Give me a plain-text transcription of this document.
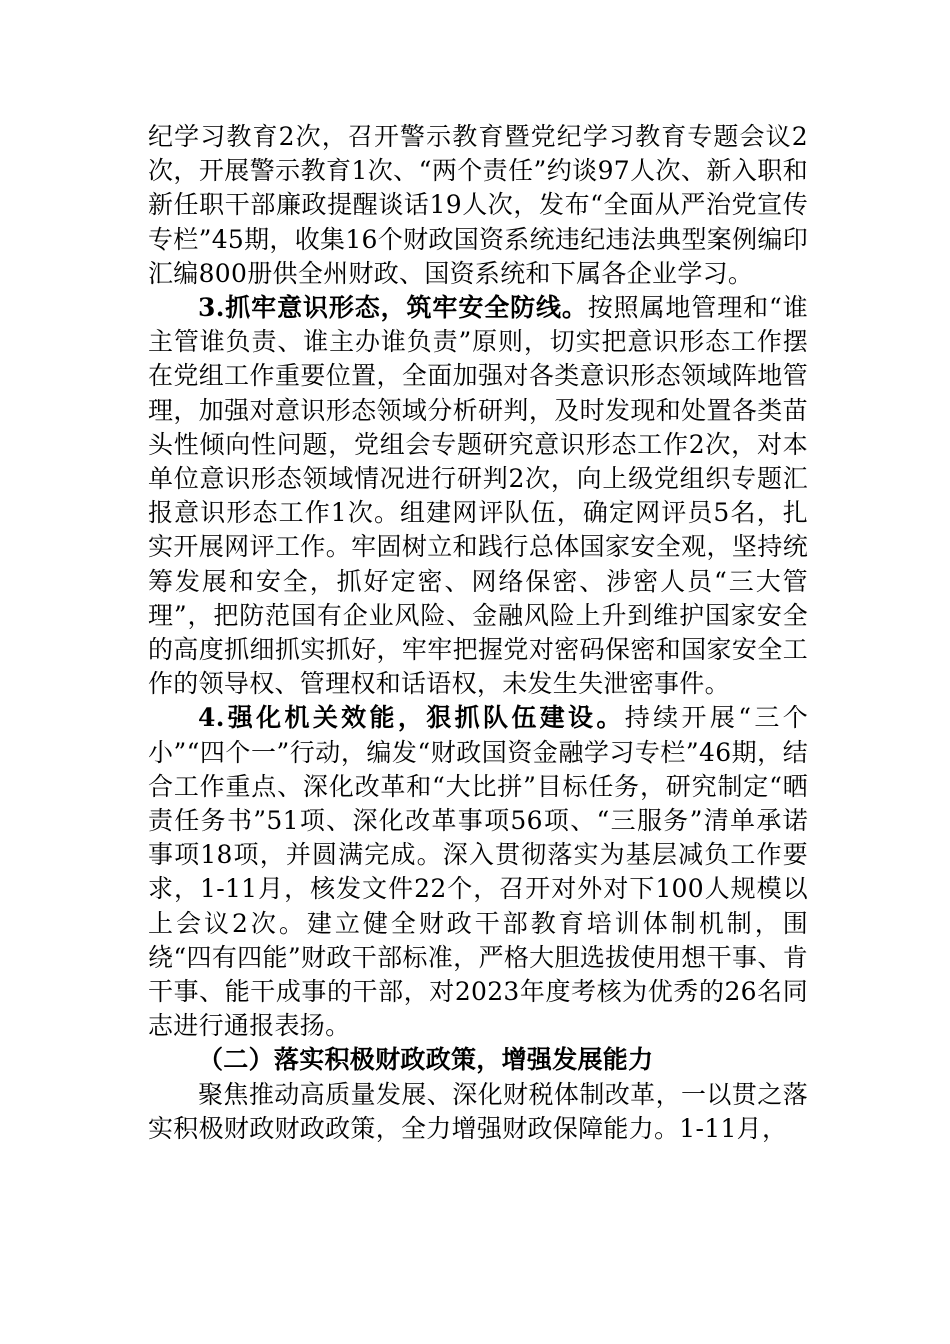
纪学习教育2次，召开警示教育暨党纪学习教育专题会议2次，开展警示教育1次、“两个责任”约谈97人次、新入职和新任职干部廉政提醒谈话19人次，发布“全面从严治党宣传专栏”45期，收集16个财政国资系统违纪违法典型案例编印汇编800册供全州财政、国资系统和下属各企业学习。

3.抓牢意识形态，筑牢安全防线。按照属地管理和“谁主管谁负责、谁主办谁负责”原则，切实把意识形态工作摆在党组工作重要位置，全面加强对各类意识形态领域阵地管理，加强对意识形态领域分析研判，及时发现和处置各类苗头性倾向性问题，党组会专题研究意识形态工作2次，对本单位意识形态领域情况进行研判2次，向上级党组织专题汇报意识形态工作1次。组建网评队伍，确定网评员5名，扎实开展网评工作。牢固树立和践行总体国家安全观，坚持统筹发展和安全，抓好定密、网络保密、涉密人员“三大管理”，把防范国有企业风险、金融风险上升到维护国家安全的高度抓细抓实抓好，牢牢把握党对密码保密和国家安全工作的领导权、管理权和话语权，未发生失泄密事件。

4.强化机关效能，狠抓队伍建设。持续开展“三个小”“四个一”行动，编发“财政国资金融学习专栏”46期，结合工作重点、深化改革和“大比拼”目标任务，研究制定“晒责任务书”51项、深化改革事项56项、“三服务”清单承诺事项18项，并圆满完成。深入贯彻落实为基层减负工作要求，1-11月，核发文件22个，召开对外对下100人规模以上会议2次。建立健全财政干部教育培训体制机制，围绕“四有四能”财政干部标准，严格大胆选拔使用想干事、肯干事、能干成事的干部，对2023年度考核为优秀的26名同志进行通报表扬。

（二）落实积极财政政策，增强发展能力

聚焦推动高质量发展、深化财税体制改革，一以贯之落实积极财政财政政策，全力增强财政保障能力。1-11月，
